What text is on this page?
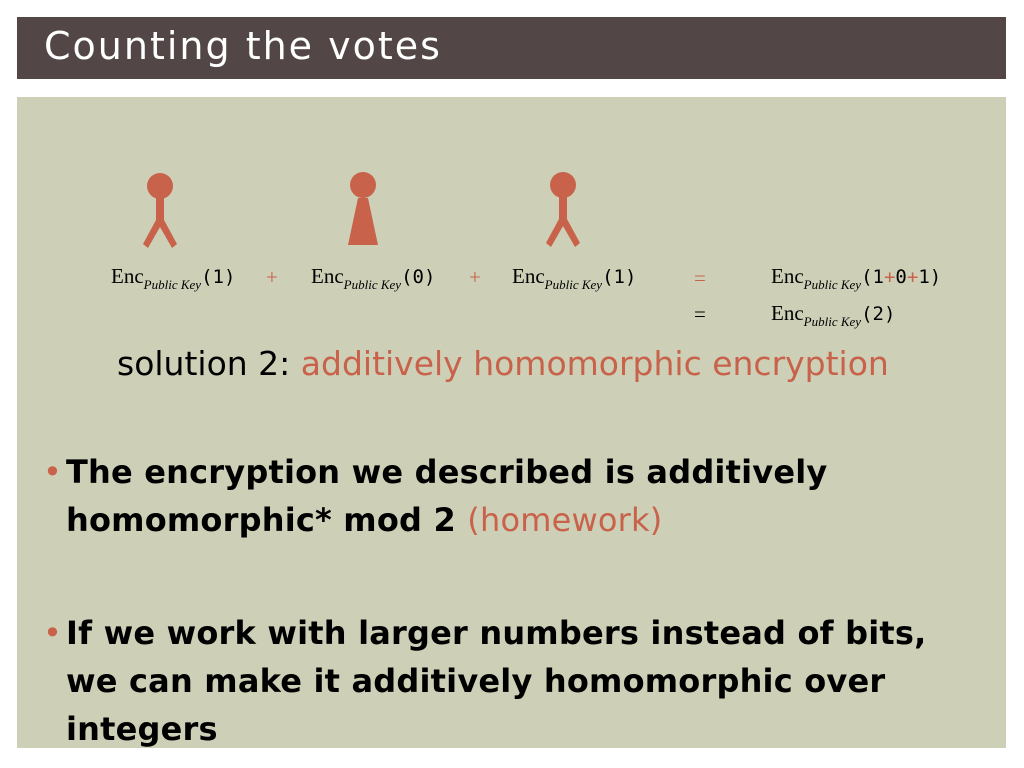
Counting the votes
Enc$_{Public Key}$(1) + Enc$_{Public Key}$(0) + Enc$_{Public Key}$(1)	=	Enc$_{Public Key}$(1+0+1)
=	Enc$_{Public Key}$(2)
solution 2: additively homomorphic encryption
• The encryption we described is additively homomorphic* mod 2 (homework)
• If we work with larger numbers instead of bits, we can make it additively homomorphic over integers
